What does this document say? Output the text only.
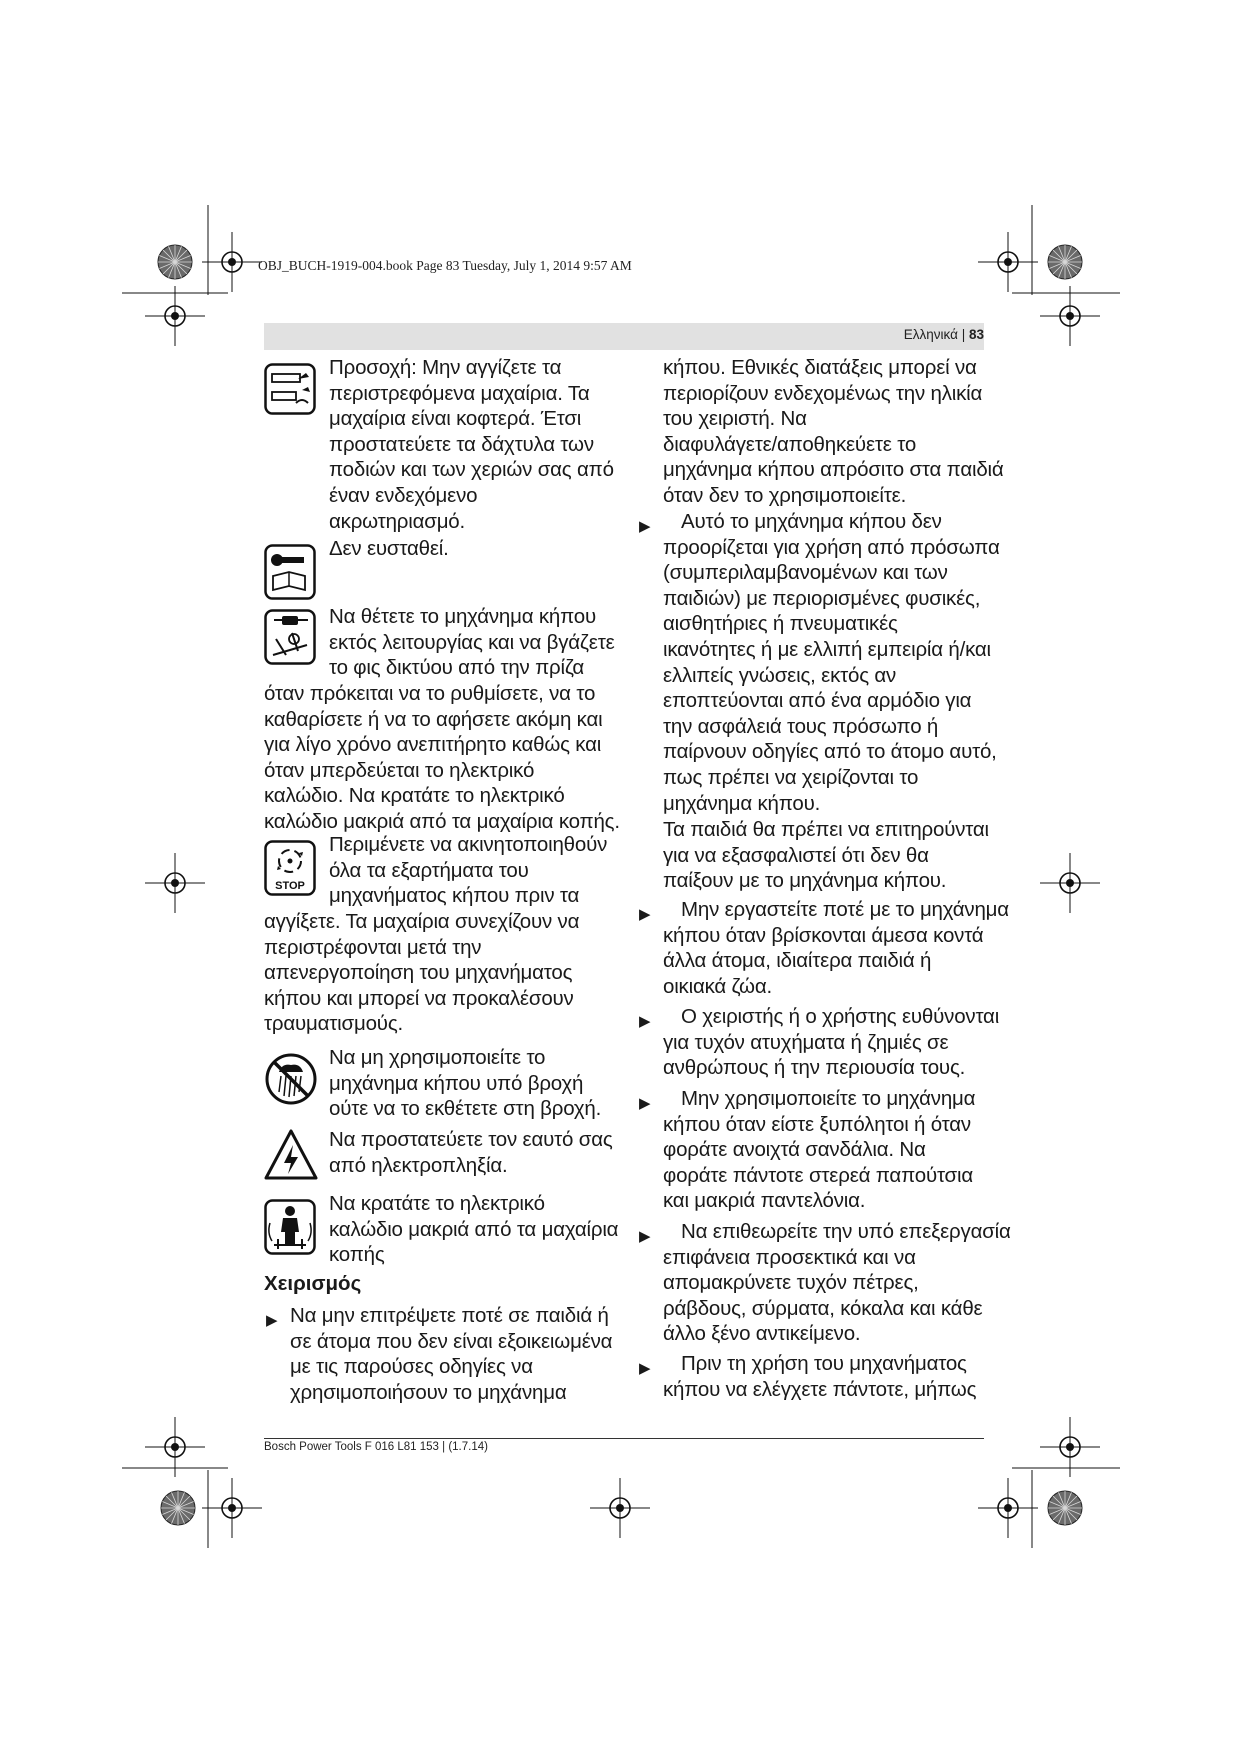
OBJ_BUCH-1919-004.book Page 83 Tuesday, July 1, 2014 9:57 AM
Ελληνικά | 83
Προσοχή: Μην αγγίζετε τα
περιστρεφόμενα μαχαίρια. Τα
μαχαίρια είναι κοφτερά. Έτσι
προστατεύετε τα δάχτυλα των
ποδιών και των χεριών σας από
έναν ενδεχόμενο
ακρωτηριασμό.
Δεν ευσταθεί.
Να θέτετε το μηχάνημα κήπου
εκτός λειτουργίας και να βγάζετε
το φις δικτύου από την πρίζα
όταν πρόκειται να το ρυθμίσετε, να το
καθαρίσετε ή να το αφήσετε ακόμη και
για λίγο χρόνο ανεπιτήρητο καθώς και
όταν μπερδεύεται το ηλεκτρικό
καλώδιο. Να κρατάτε το ηλεκτρικό
καλώδιο μακριά από τα μαχαίρια κοπής.
STOP
Περιμένετε να ακινητοποιηθούν
όλα τα εξαρτήματα του
μηχανήματος κήπου πριν τα
αγγίξετε. Τα μαχαίρια συνεχίζουν να
περιστρέφονται μετά την
απενεργοποίηση του μηχανήματος
κήπου και μπορεί να προκαλέσουν
τραυματισμούς.
Να μη χρησιμοποιείτε το
μηχάνημα κήπου υπό βροχή
ούτε να το εκθέτετε στη βροχή.
Να προστατεύετε τον εαυτό σας
από ηλεκτροπληξία.
Να κρατάτε το ηλεκτρικό
καλώδιο μακριά από τα μαχαίρια
κοπής
Χειρισμός
▶ Να μην επιτρέψετε ποτέ σε παιδιά ή
σε άτομα που δεν είναι εξοικειωμένα
με τις παρούσες οδηγίες να
χρησιμοποιήσουν το μηχάνημα
κήπου. Εθνικές διατάξεις μπορεί να
περιορίζουν ενδεχομένως την ηλικία
του χειριστή. Να
διαφυλάγετε/αποθηκεύετε το
μηχάνημα κήπου απρόσιτο στα παιδιά
όταν δεν το χρησιμοποιείτε.
▶	Αυτό το μηχάνημα κήπου δεν
προορίζεται για χρήση από πρόσωπα
(συμπεριλαμβανομένων και των
παιδιών) με περιορισμένες φυσικές,
αισθητήριες ή πνευματικές
ικανότητες ή με ελλιπή εμπειρία ή/και
ελλιπείς γνώσεις, εκτός αν
εποπτεύονται από ένα αρμόδιο για
την ασφάλειά τους πρόσωπο ή
παίρνουν οδηγίες από το άτομο αυτό,
πως πρέπει να χειρίζονται το
μηχάνημα κήπου.
Τα παιδιά θα πρέπει να επιτηρούνται
για να εξασφαλιστεί ότι δεν θα
παίξουν με το μηχάνημα κήπου.
▶	Μην εργαστείτε ποτέ με το μηχάνημα
κήπου όταν βρίσκονται άμεσα κοντά
άλλα άτομα, ιδιαίτερα παιδιά ή
οικιακά ζώα.
▶	Ο χειριστής ή ο χρήστης ευθύνονται
για τυχόν ατυχήματα ή ζημιές σε
ανθρώπους ή την περιουσία τους.
▶	Μην χρησιμοποιείτε το μηχάνημα
κήπου όταν είστε ξυπόλητοι ή όταν
φοράτε ανοιχτά σανδάλια. Να
φοράτε πάντοτε στερεά παπούτσια
και μακριά παντελόνια.
▶	Να επιθεωρείτε την υπό επεξεργασία
επιφάνεια προσεκτικά και να
απομακρύνετε τυχόν πέτρες,
ράβδους, σύρματα, κόκαλα και κάθε
άλλο ξένο αντικείμενο.
▶	Πριν τη χρήση του μηχανήματος
κήπου να ελέγχετε πάντοτε, μήπως
Bosch Power Tools F 016 L81 153 | (1.7.14)
